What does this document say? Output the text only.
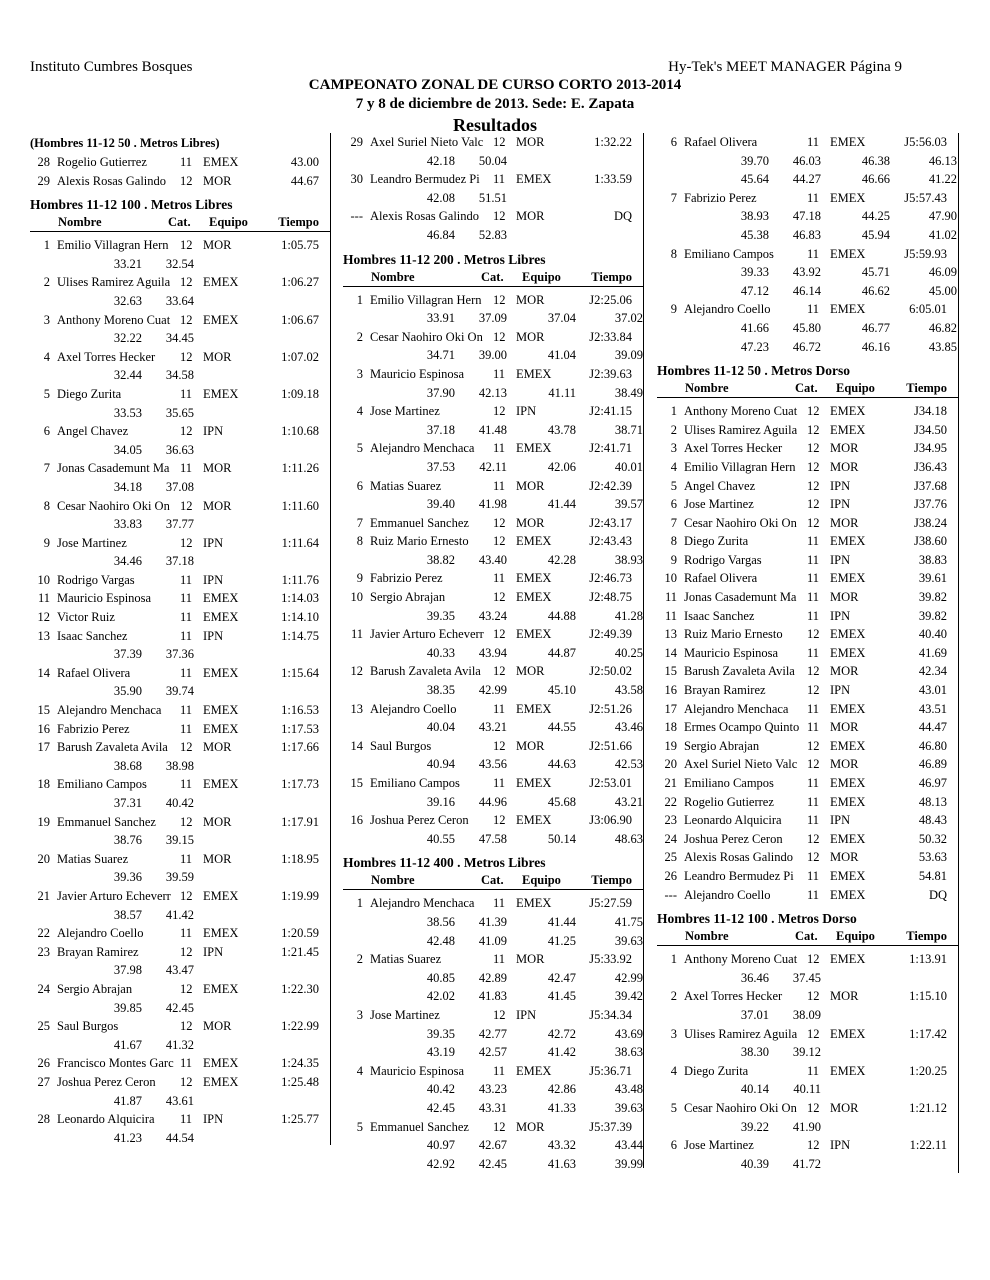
Instituto Cumbres Bosques	Hy-Tek's MEET MANAGER Página 9
CAMPEONATO ZONAL DE CURSO CORTO 2013-2014
7 y 8 de diciembre de 2013. Sede: E. Zapata
Resultados
(Hombres 11-12 50 . Metros Libres)
28 Rogelio Gutierrez	11 EMEX	43.00
29 Alexis Rosas Galindo	12 MOR	44.67
Hombres 11-12 100 . Metros Libres
Nombre	Cat. Equipo Tiempo
1 Emilio Villagran Hern 12 MOR	1:05.75
33.21	32.54
2 Ulises Ramirez Aguila 12 EMEX	1:06.27
32.63	33.64
3 Anthony Moreno Cuat 12 EMEX	1:06.67
32.22	34.45
4 Axel Torres Hecker	12 MOR	1:07.02
32.44	34.58
5 Diego Zurita	11 EMEX	1:09.18
33.53	35.65
6 Angel Chavez	12 IPN	1:10.68
34.05	36.63
7 Jonas Casademunt Ma 11 MOR	1:11.26
34.18	37.08
8 Cesar Naohiro Oki On 12 MOR	1:11.60
33.83	37.77
9 Jose Martinez	12 IPN	1:11.64
34.46	37.18
10 Rodrigo Vargas	11 IPN	1:11.76
11 Mauricio Espinosa	11 EMEX	1:14.03
12 Victor Ruiz	11 EMEX	1:14.10
13 Isaac Sanchez	11 IPN	1:14.75
37.39	37.36
14 Rafael Olivera	11 EMEX	1:15.64
35.90	39.74
15 Alejandro Menchaca	11 EMEX	1:16.53
16 Fabrizio Perez	11 EMEX	1:17.53
17 Barush Zavaleta Avila 12 MOR	1:17.66
38.68	38.98
18 Emiliano Campos	11 EMEX	1:17.73
37.31	40.42
19 Emmanuel Sanchez	12 MOR	1:17.91
38.76	39.15
20 Matias Suarez	11 MOR	1:18.95
39.36	39.59
21 Javier Arturo Echeverr 12 EMEX	1:19.99
38.57	41.42
22 Alejandro Coello	11 EMEX	1:20.59
23 Brayan Ramirez	12 IPN	1:21.45
37.98	43.47
24 Sergio Abrajan	12 EMEX	1:22.30
39.85	42.45
25 Saul Burgos	12 MOR	1:22.99
41.67	41.32
26 Francisco Montes Garc 11 EMEX	1:24.35
27 Joshua Perez Ceron	12 EMEX	1:25.48
41.87	43.61
28 Leonardo Alquicira	11 IPN	1:25.77
41.23	44.54
29 Axel Suriel Nieto Valc 12 MOR	1:32.22
42.18	50.04
30 Leandro Bermudez Pi	11 EMEX	1:33.59
42.08	51.51
--- Alexis Rosas Galindo	12 MOR	DQ
46.84	52.83
Hombres 11-12 200 . Metros Libres
Nombre	Cat. Equipo Tiempo
1 Emilio Villagran Hern 12 MOR	J2:25.06
33.91	37.09	37.04	37.02
2 Cesar Naohiro Oki On 12 MOR	J2:33.84
34.71	39.00	41.04	39.09
3 Mauricio Espinosa	11 EMEX	J2:39.63
37.90	42.13	41.11	38.49
4 Jose Martinez	12 IPN	J2:41.15
37.18	41.48	43.78	38.71
5 Alejandro Menchaca	11 EMEX	J2:41.71
37.53	42.11	42.06	40.01
6 Matias Suarez	11 MOR	J2:42.39
39.40	41.98	41.44	39.57
7 Emmanuel Sanchez	12 MOR	J2:43.17
8 Ruiz Mario Ernesto	12 EMEX	J2:43.43
38.82	43.40	42.28	38.93
9 Fabrizio Perez	11 EMEX	J2:46.73
10 Sergio Abrajan	12 EMEX	J2:48.75
39.35	43.24	44.88	41.28
11 Javier Arturo Echeverr 12 EMEX	J2:49.39
40.33	43.94	44.87	40.25
12 Barush Zavaleta Avila 12 MOR	J2:50.02
38.35	42.99	45.10	43.58
13 Alejandro Coello	11 EMEX	J2:51.26
40.04	43.21	44.55	43.46
14 Saul Burgos	12 MOR	J2:51.66
40.94	43.56	44.63	42.53
15 Emiliano Campos	11 EMEX	J2:53.01
39.16	44.96	45.68	43.21
16 Joshua Perez Ceron	12 EMEX	J3:06.90
40.55	47.58	50.14	48.63
Hombres 11-12 400 . Metros Libres
Nombre	Cat. Equipo Tiempo
1 Alejandro Menchaca	11 EMEX	J5:27.59
38.56	41.39	41.44	41.75
42.48	41.09	41.25	39.63
2 Matias Suarez	11 MOR	J5:33.92
40.85	42.89	42.47	42.99
42.02	41.83	41.45	39.42
3 Jose Martinez	12 IPN	J5:34.34
39.35	42.77	42.72	43.69
43.19	42.57	41.42	38.63
4 Mauricio Espinosa	11 EMEX	J5:36.71
40.42	43.23	42.86	43.48
42.45	43.31	41.33	39.63
5 Emmanuel Sanchez	12 MOR	J5:37.39
40.97	42.67	43.32	43.44
42.92	42.45	41.63	39.99
6 Rafael Olivera	11 EMEX	J5:56.03
39.70	46.03	46.38	46.13
45.64	44.27	46.66	41.22
7 Fabrizio Perez	11 EMEX	J5:57.43
38.93	47.18	44.25	47.90
45.38	46.83	45.94	41.02
8 Emiliano Campos	11 EMEX	J5:59.93
39.33	43.92	45.71	46.09
47.12	46.14	46.62	45.00
9 Alejandro Coello	11 EMEX	6:05.01
41.66	45.80	46.77	46.82
47.23	46.72	46.16	43.85
Hombres 11-12 50 . Metros Dorso
Nombre	Cat. Equipo	Tiempo
1 Anthony Moreno Cuat 12 EMEX	J34.18
2 Ulises Ramirez Aguila 12 EMEX	J34.50
3 Axel Torres Hecker	12 MOR	J34.95
4 Emilio Villagran Hern 12 MOR	J36.43
5 Angel Chavez	12 IPN	J37.68
6 Jose Martinez	12 IPN	J37.76
7 Cesar Naohiro Oki On 12 MOR	J38.24
8 Diego Zurita	11 EMEX	J38.60
9 Rodrigo Vargas	11 IPN	38.83
10 Rafael Olivera	11 EMEX	39.61
11 Jonas Casademunt Ma 11 MOR	39.82
11 Isaac Sanchez	11 IPN	39.82
13 Ruiz Mario Ernesto	12 EMEX	40.40
14 Mauricio Espinosa	11 EMEX	41.69
15 Barush Zavaleta Avila 12 MOR	42.34
16 Brayan Ramirez	12 IPN	43.01
17 Alejandro Menchaca	11 EMEX	43.51
18 Ermes Ocampo Quinto 11 MOR	44.47
19 Sergio Abrajan	12 EMEX	46.80
20 Axel Suriel Nieto Valc 12 MOR	46.89
21 Emiliano Campos	11 EMEX	46.97
22 Rogelio Gutierrez	11 EMEX	48.13
23 Leonardo Alquicira	11 IPN	48.43
24 Joshua Perez Ceron	12 EMEX	50.32
25 Alexis Rosas Galindo	12 MOR	53.63
26 Leandro Bermudez Pi	11 EMEX	54.81
--- Alejandro Coello	11 EMEX	DQ
Hombres 11-12 100 . Metros Dorso
Nombre	Cat. Equipo	Tiempo
1 Anthony Moreno Cuat 12 EMEX	1:13.91
36.46	37.45
2 Axel Torres Hecker	12 MOR	1:15.10
37.01	38.09
3 Ulises Ramirez Aguila 12 EMEX	1:17.42
38.30	39.12
4 Diego Zurita	11 EMEX	1:20.25
40.14	40.11
5 Cesar Naohiro Oki On 12 MOR	1:21.12
39.22	41.90
6 Jose Martinez	12 IPN	1:22.11
40.39	41.72
